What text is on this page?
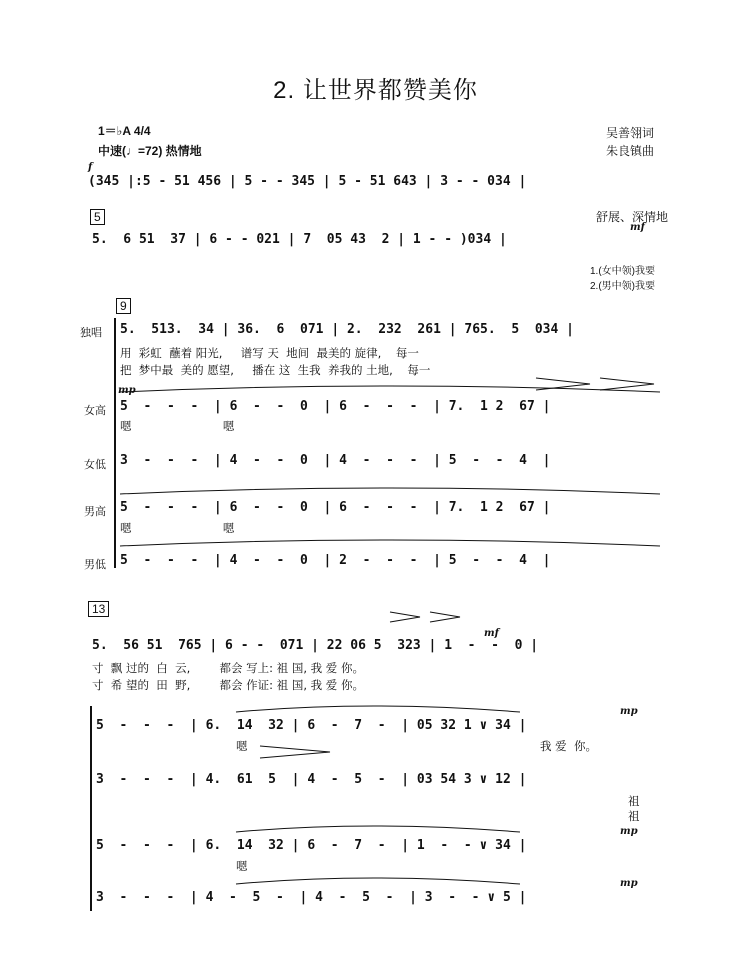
2. 让世界都赞美你
1＝♭A 4/4
中速(♩=72) 热情地
吴善翎词
朱良镇曲
f
(345 |:5 - 51 456 | 5 - - 345 | 5 - 51 643 | 3 - - 034 |
5	舒展、深情地
mf
5.  6 51  37 | 6 - - 021 | 7  05 43  2 | 1 - - )034 |
1.(女中领)我要
2.(男中领)我要
9
独唱 5.  513.  34 | 36.  6  071 | 2.  232  261 | 765.  5  034 |
用  彩虹  蘸着 阳光,     谱写 天  地间  最美的 旋律,    每一
把  梦中最  美的 愿望,     播在 这  生我  养我的 土地,    每一
mp
女高 5  -  -  -  | 6  -  -  0  | 6  -  -  -  | 7.  1 2  67 |
嗯                         嗯
女低 3  -  -  -  | 4  -  -  0  | 4  -  -  -  | 5  -  -  4  |
男高 5  -  -  -  | 6  -  -  0  | 6  -  -  -  | 7.  1 2  67 |
嗯                         嗯
男低 5  -  -  -  | 4  -  -  0  | 2  -  -  -  | 5  -  -  4  |
13
mf
5.  56 51  765 | 6 - -  071 | 22 06 5  323 | 1  -  -  0 |
寸  飘 过的  白  云,        都会 写上: 祖 国, 我 爱 你。
寸  希 望的  田  野,        都会 作证: 祖 国, 我 爱 你。
mp
5  -  -  -  | 6.  14  32 | 6  -  7  -  | 05 32 1 ∨ 34 |
嗯	我 爱  你。
3  -  -  -  | 4.  61  5  | 4  -  5  -  | 03 54 3 ∨ 12 |
祖
祖
mp
5  -  -  -  | 6.  14  32 | 6  -  7  -  | 1  -  - ∨ 34 |
嗯
mp
3  -  -  -  | 4  -  5  -  | 4  -  5  -  | 3  -  - ∨ 5 |
